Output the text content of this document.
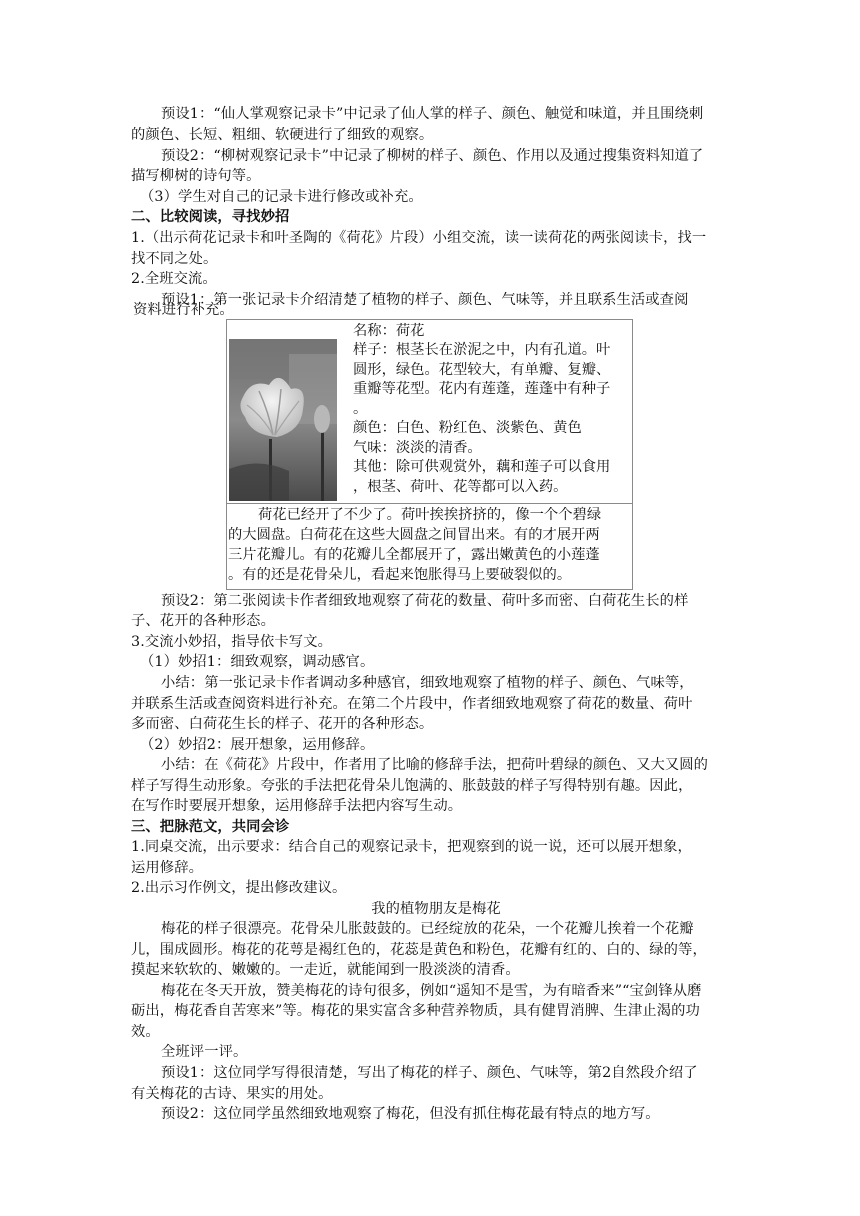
预设1：“仙人掌观察记录卡”中记录了仙人掌的样子、颜色、触觉和味道，并且围绕刺
的颜色、长短、粗细、软硬进行了细致的观察。
预设2：“柳树观察记录卡”中记录了柳树的样子、颜色、作用以及通过搜集资料知道了
描写柳树的诗句等。
（3）学生对自己的记录卡进行修改或补充。
二、比较阅读，寻找妙招
1.（出示荷花记录卡和叶圣陶的《荷花》片段）小组交流，读一读荷花的两张阅读卡，找一
找不同之处。
2.全班交流。
预设1：第一张记录卡介绍清楚了植物的样子、颜色、气味等，并且联系生活或查阅
资料进行补充。
名称：荷花
样子：根茎长在淤泥之中，内有孔道。叶
圆形，绿色。花型较大，有单瓣、复瓣、
重瓣等花型。花内有莲蓬，莲蓬中有种子
。
颜色：白色、粉红色、淡紫色、黄色
气味：淡淡的清香。
其他：除可供观赏外，藕和莲子可以食用
，根茎、荷叶、花等都可以入药。
荷花已经开了不少了。荷叶挨挨挤挤的，像一个个碧绿
的大圆盘。白荷花在这些大圆盘之间冒出来。有的才展开两
三片花瓣儿。有的花瓣儿全都展开了，露出嫩黄色的小莲蓬
。有的还是花骨朵儿，看起来饱胀得马上要破裂似的。
预设2：第二张阅读卡作者细致地观察了荷花的数量、荷叶多而密、白荷花生长的样
子、花开的各种形态。
3.交流小妙招，指导依卡写文。
（1）妙招1：细致观察，调动感官。
小结：第一张记录卡作者调动多种感官，细致地观察了植物的样子、颜色、气味等，
并联系生活或查阅资料进行补充。在第二个片段中，作者细致地观察了荷花的数量、荷叶
多而密、白荷花生长的样子、花开的各种形态。
（2）妙招2：展开想象，运用修辞。
小结：在《荷花》片段中，作者用了比喻的修辞手法，把荷叶碧绿的颜色、又大又圆的
样子写得生动形象。夸张的手法把花骨朵儿饱满的、胀鼓鼓的样子写得特别有趣。因此，
在写作时要展开想象，运用修辞手法把内容写生动。
三、把脉范文，共同会诊
1.同桌交流，出示要求：结合自己的观察记录卡，把观察到的说一说，还可以展开想象，
运用修辞。
2.出示习作例文，提出修改建议。
我的植物朋友是梅花
梅花的样子很漂亮。花骨朵儿胀鼓鼓的。已经绽放的花朵，一个花瓣儿挨着一个花瓣
儿，围成圆形。梅花的花萼是褐红色的，花蕊是黄色和粉色，花瓣有红的、白的、绿的等，
摸起来软软的、嫩嫩的。一走近，就能闻到一股淡淡的清香。
梅花在冬天开放，赞美梅花的诗句很多，例如“遥知不是雪，为有暗香来”“宝剑锋从磨
砺出，梅花香自苦寒来”等。梅花的果实富含多种营养物质，具有健胃消脾、生津止渴的功
效。
全班评一评。
预设1：这位同学写得很清楚，写出了梅花的样子、颜色、气味等，第2自然段介绍了
有关梅花的古诗、果实的用处。
预设2：这位同学虽然细致地观察了梅花，但没有抓住梅花最有特点的地方写。
